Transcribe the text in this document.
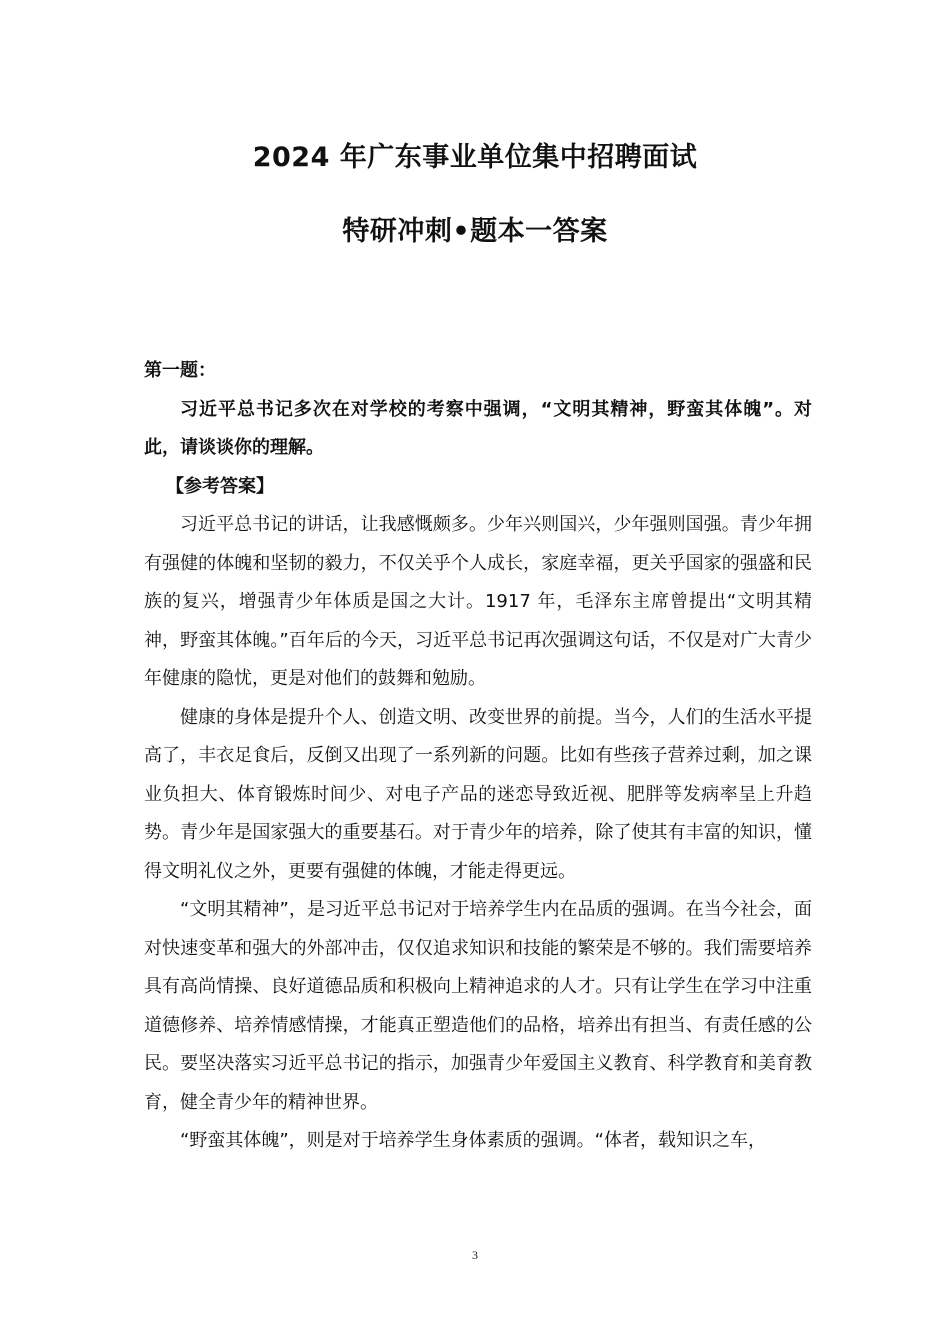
2024 年广东事业单位集中招聘面试
特研冲刺•题本一答案

第一题：

习近平总书记多次在对学校的考察中强调，“文明其精神，野蛮其体魄”。对此，请谈谈你的理解。

【参考答案】

习近平总书记的讲话，让我感慨颇多。少年兴则国兴，少年强则国强。青少年拥有强健的体魄和坚韧的毅力，不仅关乎个人成长，家庭幸福，更关乎国家的强盛和民族的复兴，增强青少年体质是国之大计。1917 年，毛泽东主席曾提出“文明其精神，野蛮其体魄。”百年后的今天，习近平总书记再次强调这句话，不仅是对广大青少年健康的隐忧，更是对他们的鼓舞和勉励。

健康的身体是提升个人、创造文明、改变世界的前提。当今，人们的生活水平提高了，丰衣足食后，反倒又出现了一系列新的问题。比如有些孩子营养过剩，加之课业负担大、体育锻炼时间少、对电子产品的迷恋导致近视、肥胖等发病率呈上升趋势。青少年是国家强大的重要基石。对于青少年的培养，除了使其有丰富的知识，懂得文明礼仪之外，更要有强健的体魄，才能走得更远。

“文明其精神”，是习近平总书记对于培养学生内在品质的强调。在当今社会，面对快速变革和强大的外部冲击，仅仅追求知识和技能的繁荣是不够的。我们需要培养具有高尚情操、良好道德品质和积极向上精神追求的人才。只有让学生在学习中注重道德修养、培养情感情操，才能真正塑造他们的品格，培养出有担当、有责任感的公民。要坚决落实习近平总书记的指示，加强青少年爱国主义教育、科学教育和美育教育，健全青少年的精神世界。

“野蛮其体魄”，则是对于培养学生身体素质的强调。“体者，载知识之车，

3
